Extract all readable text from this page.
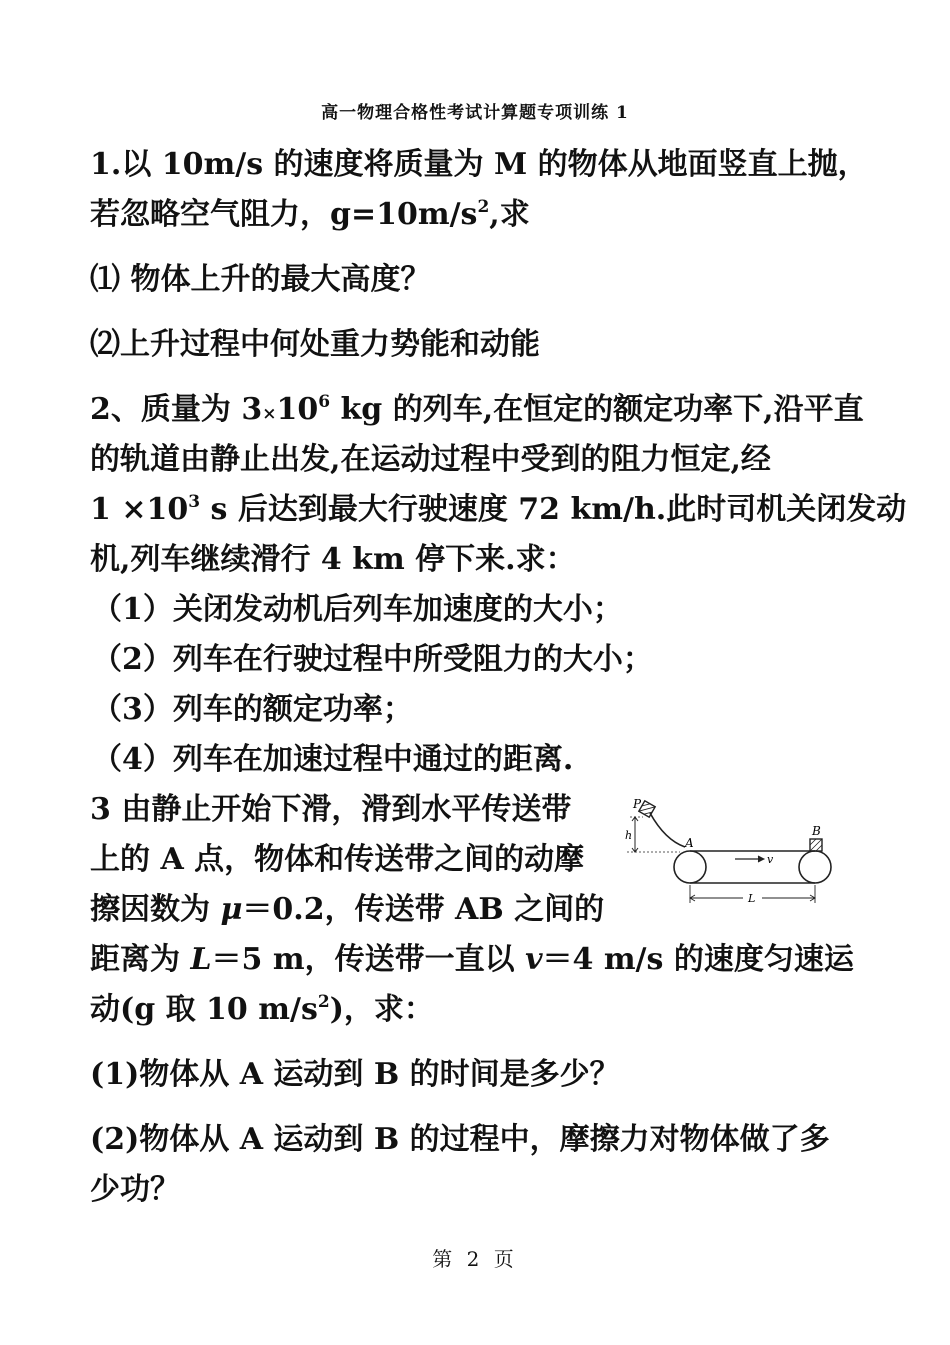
高一物理合格性考试计算题专项训练 1
1.以 10m/s 的速度将质量为 M 的物体从地面竖直上抛，
若忽略空气阻力，$g=10m/s^2$,求
⑴ 物体上升的最大高度？
⑵上升过程中何处重力势能和动能
2、质量为 $3\times 10^6$ kg 的列车,在恒定的额定功率下,沿平直
的轨道由静止出发,在运动过程中受到的阻力恒定,经
$1 \times 10^3$ s 后达到最大行驶速度 72 km/h.此时司机关闭发动
机,列车继续滑行 4 km 停下来.求：
（1）关闭发动机后列车加速度的大小；
（2）列车在行驶过程中所受阻力的大小；
（3）列车的额定功率；
（4）列车在加速过程中通过的距离.
3 由静止开始下滑，滑到水平传送带
上的 A 点，物体和传送带之间的动摩
擦因数为 μ＝0.2，传送带 AB 之间的
距离为 L＝5 m，传送带一直以 v＝4 m/s 的速度匀速运
动(g 取 10 $m/s^2$)，求：
(1)物体从 A 运动到 B 的时间是多少？
(2)物体从 A 运动到 B 的过程中，摩擦力对物体做了多
少功？
P
h
A
B
v
L
第 2 页
